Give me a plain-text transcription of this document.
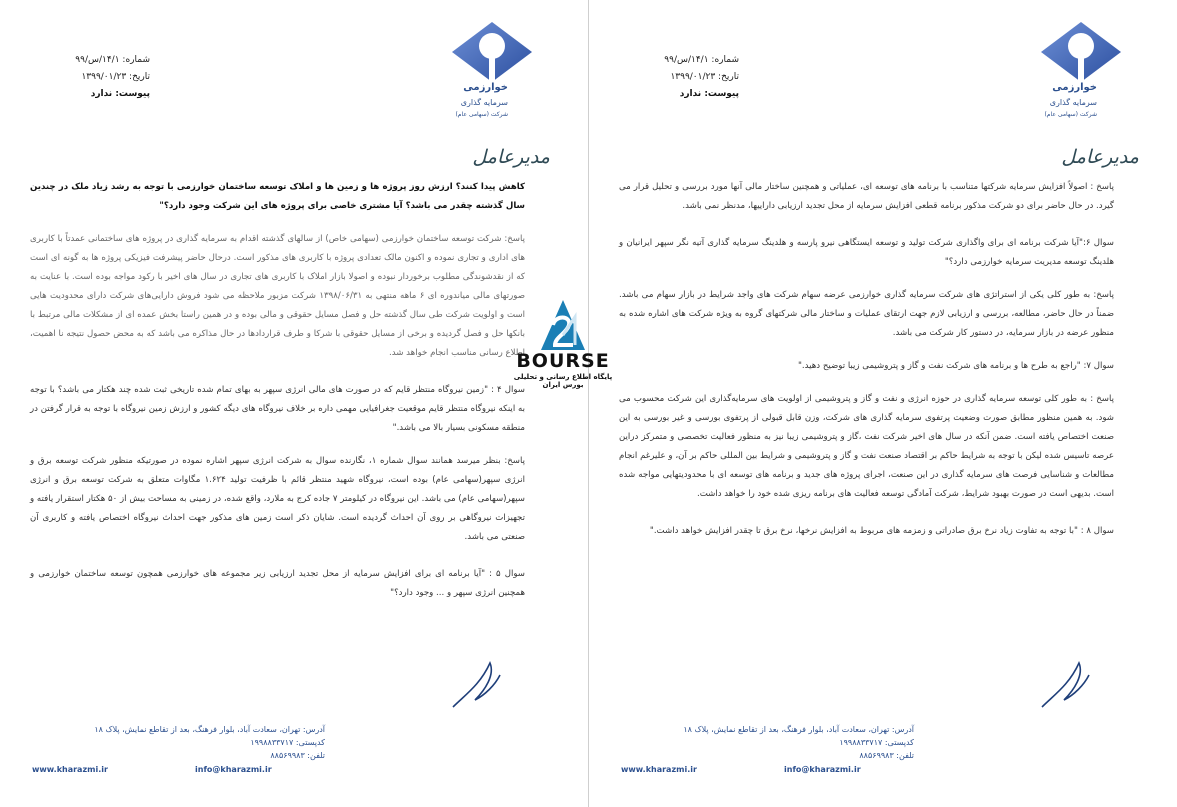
خوارزمی
سرمایه گذاری
شرکت (سهامی عام)
شماره: ۱۴/۱/س/۹۹
تاریخ: ۱۳۹۹/۰۱/۲۳
پیوست: ندارد
مدیرعامل

کاهش پیدا کنند؟ ارزش روز پروژه ها و زمین ها و املاک توسعه ساختمان خوارزمی با توجه به رشد زیاد ملک در چندین سال گذشته چقدر می باشد؟ آیا مشتری خاصی برای پروژه های این شرکت وجود دارد؟"

پاسخ: شرکت توسعه ساختمان خوارزمی (سهامی خاص) از سالهای گذشته اقدام به سرمایه گذاری در پروژه های ساختمانی عمدتاً با کاربری های اداری و تجاری نموده و اکنون مالک تعدادی پروژه با کاربری های مذکور است. درحال حاضر پیشرفت فیزیکی پروژه ها به گونه ای است که از نقدشوندگی مطلوب برخوردار نبوده و اصولا بازار املاک با کاربری های تجاری در سال های اخیر با رکود مواجه بوده است. با عنایت به صورتهای مالی میاندوره ای ۶ ماهه منتهی به ۱۳۹۸/۰۶/۳۱ شرکت مزبور ملاحظه می شود فروش دارایی‌های شرکت دارای محدودیت هایی است و اولویت شرکت طی سال گذشته حل و فصل مسایل حقوقی و مالی بوده و در همین راستا بخش عمده ای از مشکلات مالی مرتبط با بانکها حل و فصل گردیده و برخی از مسایل حقوقی با شرکا و طرف قراردادها در حال مذاکره می باشد که به محض حصول نتیجه نا اهمیت، اطلاع رسانی مناسب انجام خواهد شد.

سوال ۴ : "زمین نیروگاه منتظر قایم که در صورت های مالی انرژی سپهر به بهای تمام شده تاریخی ثبت شده چند هکتار می باشد؟ با توجه به اینکه نیروگاه منتظر قایم موقعیت جغرافیایی مهمی داره بر خلاف نیروگاه های دیگه کشور و ارزش زمین نیروگاه با توجه به قرار گرفتن در منطقه مسکونی بسیار بالا می باشد."

پاسخ: بنظر میرسد همانند سوال شماره ۱، نگارنده سوال به شرکت انرژی سپهر اشاره نموده در صورتیکه منظور شرکت توسعه برق و انرژی سپهر(سهامی عام) بوده است، نیروگاه شهید منتظر قائم با ظرفیت تولید ۱.۶۲۴ مگاوات متعلق به شرکت توسعه برق و انرژی سپهر(سهامی عام) می باشد. این نیروگاه در کیلومتر ۷ جاده کرج به ملارد، واقع شده، در زمینی به مساحت بیش از ۵۰ هکتار استقرار یافته و تجهیزات نیروگاهی بر روی آن احداث گردیده است. شایان ذکر است زمین های مذکور جهت احداث نیروگاه اختصاص یافته و کاربری آن صنعتی می باشد.

سوال ۵ : "آیا برنامه ای برای افزایش سرمایه از محل تجدید ارزیابی زیر مجموعه های خوارزمی همچون توسعه ساختمان خوارزمی و همچنین انرژی سپهر و ... وجود دارد؟"

آدرس: تهران، سعادت آباد، بلوار فرهنگ، بعد از تقاطع نمایش، پلاک ۱۸
کدپستی: ۱۹۹۸۸۳۳۷۱۷
تلفن: ۸۸۵۶۹۹۸۳
www.kharazmi.ir	info@kharazmi.ir
خوارزمی
سرمایه گذاری
شرکت (سهامی عام)
شماره: ۱۴/۱/س/۹۹
تاریخ: ۱۳۹۹/۰۱/۲۳
پیوست: ندارد
مدیرعامل

پاسخ : اصولاً افزایش سرمایه شرکتها متناسب با برنامه های توسعه ای، عملیاتی و همچنین ساختار مالی آنها مورد بررسی و تحلیل قرار می گیرد. در حال حاضر برای دو شرکت مذکور برنامه قطعی افزایش سرمایه از محل تجدید ارزیابی داراییها، مدنظر نمی باشد.

سوال ۶:"آیا شرکت برنامه ای برای واگذاری شرکت تولید و توسعه ایستگاهی نیرو پارسه و هلدینگ سرمایه گذاری آتیه نگر سپهر ایرانیان و هلدینگ توسعه مدیریت سرمایه خوارزمی دارد؟"

پاسخ: به طور کلی یکی از استراتژی های شرکت سرمایه گذاری خوارزمی عرضه سهام شرکت های واجد شرایط در بازار سهام می باشد. ضمناً در حال حاضر، مطالعه، بررسی و ارزیابی لازم جهت ارتقای عملیات و ساختار مالی شرکتهای گروه به ویژه شرکت های اشاره شده به منظور عرضه در بازار سرمایه، در دستور کار شرکت می باشد.

سوال ۷: "راجع به طرح ها و برنامه های شرکت نفت و گاز و پتروشیمی زیبا توضیح دهید."

پاسخ : به طور کلی توسعه سرمایه گذاری در حوزه انرژی و نفت و گاز و پتروشیمی از اولویت های سرمایه‌گذاری این شرکت محسوب می شود. به همین منظور مطابق صورت وضعیت پرتفوی سرمایه گذاری های شرکت، وزن قابل قبولی از پرتفوی بورسی و غیر بورسی به این صنعت اختصاص یافته است. ضمن آنکه در سال های اخیر شرکت نفت ،گاز و پتروشیمی زیبا نیز به منظور فعالیت تخصصی و متمرکز دراین عرصه تاسیس شده لیکن با توجه به شرایط حاکم بر اقتصاد صنعت نفت و گاز و پتروشیمی و شرایط بین المللی حاکم بر آن، و علیرغم انجام مطالعات و شناسایی فرصت های سرمایه گذاری در این صنعت، اجرای پروژه های جدید و برنامه های توسعه ای با محدودیتهایی مواجه شده است. بدیهی است در صورت بهبود شرایط، شرکت آمادگی توسعه فعالیت های برنامه ریزی شده خود را خواهد داشت.

سوال ۸ : "با توجه به تفاوت زیاد نرخ برق صادراتی و زمزمه های مربوط به افزایش نرخها، نرخ برق تا چقدر افزایش خواهد داشت."

آدرس: تهران، سعادت آباد، بلوار فرهنگ، بعد از تقاطع نمایش، پلاک ۱۸
کدپستی: ۱۹۹۸۸۳۳۷۱۷
تلفن: ۸۸۵۶۹۹۸۳
www.kharazmi.ir	info@kharazmi.ir
BOURSE
پایگاه اطلاع رسانی و تحلیلی بورس ایران
